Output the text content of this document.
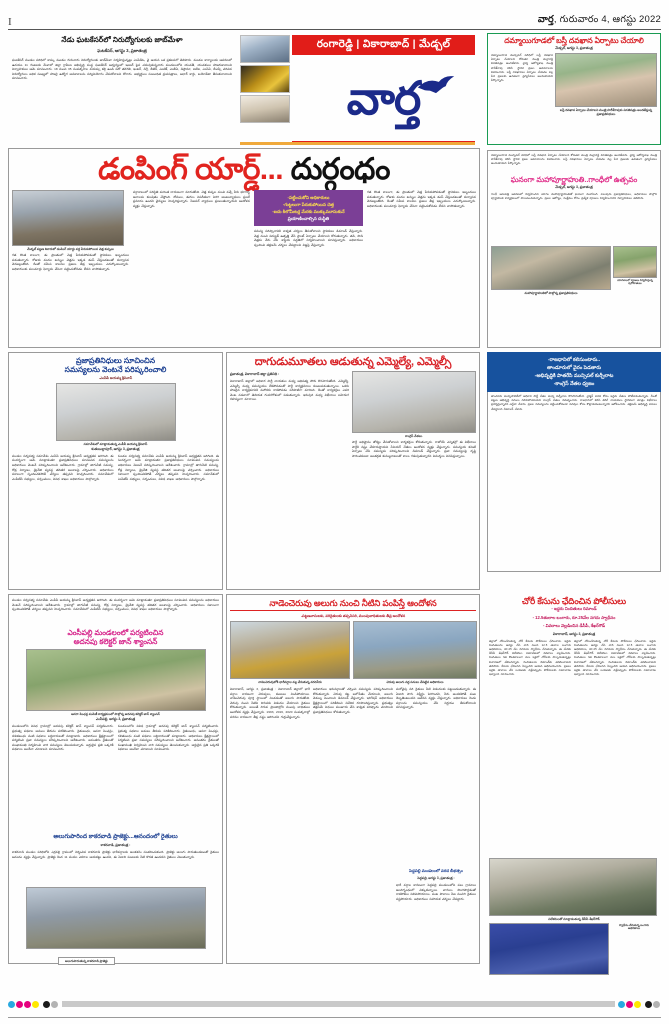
I	వార్త, గురువారం 4, ఆగస్టు 2022
నేడు ఘటకేసర్‌లో నిరుద్యోగులకు జాబ్‌మేళా
ఘటకేసర్, ఆగస్టు 3, ప్రజాతంత్ర
ఘటకేసర్ మండల పరిధిలో కాస్కు మండల గురువారు నిరుద్యోగులకు జాబ్‌మేళా నిర్వహిస్తున్నట్లు ఎంపీడీఓ, వై ఆయన ఒక ప్రకటనలో తెలిపారు. మండల కార్యాలయ ఆవరణలో ఉదయం 11 గంటలకు మేళాలో జిల్లా గ్రామీణ అభివృద్ధి సంస్థ ఘటకేసర్ ఆధ్వర్యంలో ఇంటర్ పైన చదువుకున్నవారు మండలంలోని యువతీ, యువకులు హాజరుకావాలని నిర్వాహకులు ఆమె సూచించారు. 18 నుంచి 35 సంవత్సరాల వయస్సు కల్గి ఉండి పదో తరగతి, ఇంటర్, డిగ్రీ, బీటెక్, ఎంటెక్, ఎంబీఏ, డిప్లొమా, ఐటీఐ, ఎంసీఏ, బీఎస్సీ చదివిన నిరుద్యోగులు అధిక సంఖ్యలో హాజరై ఉద్యోగ అవకాశాలను సద్వినియోగం చేసుకోవాలని కోరారు. అభ్యర్థులు సంబంధిత ధ్రువపత్రాలు, ఆధార్ కార్డు, బయోడేటా తీసుకురావాలని సూచించారు.
రంగారెడ్డి | వికారాబాద్ | మేడ్చల్
వార్త
దమ్మాయిగూడలో బస్తీ దవఖాన ఏర్పాటు చేయాలి
మేడ్చల్, ఆగస్టు 3, ప్రజాతంత్ర
దమ్మాయిగూడ మున్సిపల్ పరిధిలో బస్తీ దవఖాన ఏర్పాటు చేయాలని కోరుతూ మంత్రి మల్లారెడ్డి వినతిపత్రం అందజేశారు. వైద్య ఆరోగ్యశాఖ మంత్రి హరీశ్‌రావు కలిసి స్థానిక ప్రజల అవసరాలను వివరించారు. బస్తీ దవఖానలు ఏర్పాటు చేయడం వల్ల పేద ప్రజలకు ఉచితంగా వైద్యసేవలు అందుతాయని పేర్కొన్నారు.
బస్తీ దవఖాన ఏర్పాటు చేయాలని మంత్రి హరీశ్‌రావుకు వినతిపత్రం అందజేస్తున్న ప్రజాప్రతినిధులు
డంపింగ్ యార్డ్... దుర్గంధం
మేడ్చల్ పట్టణ శివారులో డంపింగ్ యార్డు వద్ద పేరుకుపోయిన చెత్త కుప్పలు
గత కొంత కాలంగా, ఈ ప్రాంతంలో చెత్త పేరుకుపోవడంతో స్థానికులు ఇబ్బందులు పడుతున్నారు. రోజుకు వందల టన్నుల చెత్తను ఇక్కడ డంప్ చేస్తుండటంతో దుర్వాసన వెదజల్లుతోంది. దీంతో సమీప కాలనీల ప్రజలు తీవ్ర ఇబ్బందులు ఎదుర్కొంటున్నారు. అధికారులకు పలుమార్లు ఫిర్యాదు చేసినా పట్టించుకోవడం లేదని వాపోతున్నారు.
వర్షాకాలంలో పరిస్థితి మరింత దారుణంగా మారుతోంది. చెత్త కుప్పల నుంచి వచ్చే నీరు భూగర్భ జలాలను కలుషితం చేస్తోంది. దోమలు, ఈగలు విపరీతంగా పెరిగి అంటువ్యాధులు ప్రబలే ప్రమాదం ఉందని వైద్యులు హెచ్చరిస్తున్నారు. సీజనల్ వ్యాధులు ప్రబలుతున్నాయని ఆందోళన వ్యక్తం చేస్తున్నారు.
-పట్టించుకోని అధికారులు
-గుట్టలుగా పేరుకుపోయిన చెత్త
-ఐదు కిలోమీటర్ల మేరకు ముక్కుమూసుకునే
ప్రయాణించాల్సిన దుస్థితి
సమస్య పరిష్కారానికి శాశ్వత చర్యలు తీసుకోవాలని స్థానికులు డిమాండ్ చేస్తున్నారు. చెత్త నుంచి విద్యుత్ ఉత్పత్తి చేసే ప్లాంట్ ఏర్పాటు చేయాలని కోరుతున్నారు. తడి, పొడి చెత్తను వేరు చేసి శాస్త్రీయ పద్ధతిలో నిర్వహించాలని సూచిస్తున్నారు. అధికారులు స్పందించి తక్షణమే చర్యలు చేపట్టాలని విజ్ఞప్తి చేస్తున్నారు.
గత కొంత కాలంగా, ఈ ప్రాంతంలో చెత్త పేరుకుపోవడంతో స్థానికులు ఇబ్బందులు పడుతున్నారు. రోజుకు వందల టన్నుల చెత్తను ఇక్కడ డంప్ చేస్తుండటంతో దుర్వాసన వెదజల్లుతోంది. దీంతో సమీప కాలనీల ప్రజలు తీవ్ర ఇబ్బందులు ఎదుర్కొంటున్నారు. అధికారులకు పలుమార్లు ఫిర్యాదు చేసినా పట్టించుకోవడం లేదని వాపోతున్నారు.
దమ్మాయిగూడ మున్సిపల్ పరిధిలో బస్తీ దవఖాన ఏర్పాటు చేయాలని కోరుతూ మంత్రి మల్లారెడ్డి వినతిపత్రం అందజేశారు. వైద్య ఆరోగ్యశాఖ మంత్రి హరీశ్‌రావు కలిసి స్థానిక ప్రజల అవసరాలను వివరించారు. బస్తీ దవఖానలు ఏర్పాటు చేయడం వల్ల పేద ప్రజలకు ఉచితంగా వైద్యసేవలు అందుతాయని పేర్కొన్నారు.
ఘనంగా మహాపూర్ణాహుతి..గాంధీలో ఉత్సవం
మేడ్చల్, ఆగస్టు 3, ప్రజాతంత్ర
గాంధీ ఆసుపత్రి ఆవరణలో నిర్వహించిన యాగం మహాపూర్ణాహుతితో ఘనంగా ముగిసింది. పలువురు ప్రజాప్రతినిధులు, అధికారులు పాల్గొని పూర్ణాహుతి కార్యక్రమంలో పాలుపంచుకున్నారు. ప్రజల ఆరోగ్యం, సంక్షేమం కోసం ప్రత్యేక పూజలు నిర్వహించారని నిర్వాహకులు తెలిపారు.
మహాపూర్ణాహుతిలో పాల్గొన్న ప్రజాప్రతినిధులు
యాగశాలలో పూజలు నిర్వహిస్తున్న పురోహితులు
ప్రజాప్రతినిధులు సూచించిన
సమస్యలను వెంటనే పరిష్కరించాలి
-ఎంపీపీ జయమ్మ శ్రీనివాస్
సమావేశంలో మాట్లాడుతున్న ఎంపీపీ జయమ్మ శ్రీనివాస్
కుతుబుల్లాపూర్, ఆగస్టు 3, ప్రజాతంత్ర
మండల సర్వసభ్య సమావేశం ఎంపీపీ జయమ్మ శ్రీనివాస్ అధ్యక్షతన జరిగింది. ఈ సందర్భంగా ఆమె మాట్లాడుతూ ప్రజాప్రతినిధులు సూచించిన సమస్యలను అధికారులు వెంటనే పరిష్కరించాలని ఆదేశించారు. గ్రామాల్లో తాగునీటి సమస్య, రోడ్ల నిర్మాణం, డ్రైనేజీ వ్యవస్థ తదితర అంశాలపై చర్చించారు. అధికారులు సకాలంగా స్పందించకపోతే చర్యలు తప్పవని హెచ్చరించారు. సమావేశంలో ఎంపీటీసీ సభ్యులు, సర్పంచులు, వివిధ శాఖల అధికారులు పాల్గొన్నారు.
మండల సర్వసభ్య సమావేశం ఎంపీపీ జయమ్మ శ్రీనివాస్ అధ్యక్షతన జరిగింది. ఈ సందర్భంగా ఆమె మాట్లాడుతూ ప్రజాప్రతినిధులు సూచించిన సమస్యలను అధికారులు వెంటనే పరిష్కరించాలని ఆదేశించారు. గ్రామాల్లో తాగునీటి సమస్య, రోడ్ల నిర్మాణం, డ్రైనేజీ వ్యవస్థ తదితర అంశాలపై చర్చించారు. అధికారులు సకాలంగా స్పందించకపోతే చర్యలు తప్పవని హెచ్చరించారు. సమావేశంలో ఎంపీటీసీ సభ్యులు, సర్పంచులు, వివిధ శాఖల అధికారులు పాల్గొన్నారు.
దాగుడుమూతలు ఆడుతున్న ఎమ్మెల్యే, ఎమ్మెల్సీ
ప్రజాతంత్ర, వికారాబాద్ జిల్లా ప్రతినిధి :
వికారాబాద్ జిల్లాలో అధికార పార్టీ నాయకుల మధ్య ఆధిపత్య పోరు కొనసాగుతోంది. ఎమ్మెల్యే, ఎమ్మెల్సీ మధ్య సమన్వయం లేకపోవడంతో పార్టీ కార్యక్రమాలు కుంటుపడుతున్నాయి. ఒకరు హాజరైన కార్యక్రమానికి మరొకరు రాకపోవడం పరిపాటిగా మారింది. దీంతో కార్యకర్తలు ఎవరి వెంట నడవాలో తెలియక గందరగోళంలో పడుతున్నారు. ఇరువురి మధ్య విభేదాలు బహిరంగ రహస్యంగా మారాయి.
కాంగ్రెస్ నేతలు.
పార్టీ అధిష్టానం జోక్యం చేసుకోవాలని కార్యకర్తలు కోరుతున్నారు. రాబోయే ఎన్నికల్లో ఈ విభేదాలు పార్టీకి నష్టం చేకూరుస్తాయని సీనియర్ నేతలు ఆందోళన వ్యక్తం చేస్తున్నారు. సమన్వయ కమిటీ ఏర్పాటు చేసి సమస్యను పరిష్కరించాలని డిమాండ్ చేస్తున్నారు. ప్రజా సమస్యలపై దృష్టి సారించకుండా అంతర్గత కుమ్ములాటలతో కాలం గడుపుతున్నారని విమర్శలు వినిపిస్తున్నాయి.
-రాజధానిలో కలిసుంటారు..
తాండూరులో వైరం పెడతారు
-అభివృద్ధికి పాతరేసి మున్సిపల్ కుర్చీలాట
-కాంగ్రెస్ నేతల ధ్వజం
తాండూరు మున్సిపాలిటీలో అధికార పార్టీ నేతల మధ్య కుర్చీలాట కొనసాగుతోంది. చైర్మన్ పదవి కోసం ఇద్దరు నేతలు పోటీపడుతున్నారు. దీంతో పట్టణ అభివృద్ధి పనులు నిలిచిపోయాయని కాంగ్రెస్ నేతలు విమర్శించారు. రాజధానిలో కలిసి తిరిగే నాయకులు స్థానికంగా మాత్రం విభేదాలు ప్రదర్శిస్తున్నారని ఎద్దేవా చేశారు. ప్రజల సమస్యలను పట్టించుకోకుండా పదవుల కోసం కొట్లాడుకుంటున్నారని ఆరోపించారు. తక్షణమే అభివృద్ధి పనులు చేపట్టాలని డిమాండ్ చేశారు.
మండల సర్వసభ్య సమావేశం ఎంపీపీ జయమ్మ శ్రీనివాస్ అధ్యక్షతన జరిగింది. ఈ సందర్భంగా ఆమె మాట్లాడుతూ ప్రజాప్రతినిధులు సూచించిన సమస్యలను అధికారులు వెంటనే పరిష్కరించాలని ఆదేశించారు. గ్రామాల్లో తాగునీటి సమస్య, రోడ్ల నిర్మాణం, డ్రైనేజీ వ్యవస్థ తదితర అంశాలపై చర్చించారు. అధికారులు సకాలంగా స్పందించకపోతే చర్యలు తప్పవని హెచ్చరించారు. సమావేశంలో ఎంపీటీసీ సభ్యులు, సర్పంచులు, వివిధ శాఖల అధికారులు పాల్గొన్నారు.
ఎంసీపల్లి మండలంలో పర్యటించిన
అదనపు కలెక్టర్ జాన్ శ్యాంసన్
ఆసరా పింఛన్ల పంపిణీ కార్యక్రమంలో పాల్గొన్న అదనపు కలెక్టర్ జాన్ శ్యాంసన్
ఎంసీపల్లి, ఆగస్టు 3, ప్రజాతంత్ర
మండలంలోని వివిధ గ్రామాల్లో అదనపు కలెక్టర్ జాన్ శ్యాంసన్ పర్యటించారు. ప్రభుత్వ పథకాల అమలు తీరును పరిశీలించారు. రైతుబంధు, ఆసరా పింఛన్లు, దళితబంధు వంటి పథకాల లబ్ధిదారులతో మాట్లాడారు. అధికారులు క్షేత్రస్థాయిలో పర్యటించి ప్రజా సమస్యలు పరిష్కరించాలని ఆదేశించారు. అనంతరం రైతులతో ముఖాముఖి నిర్వహించి వారి సమస్యలు తెలుసుకున్నారు. అర్హులైన ప్రతి ఒక్కరికీ పథకాలు అందేలా చూడాలని సూచించారు.
మండలంలోని వివిధ గ్రామాల్లో అదనపు కలెక్టర్ జాన్ శ్యాంసన్ పర్యటించారు. ప్రభుత్వ పథకాల అమలు తీరును పరిశీలించారు. రైతుబంధు, ఆసరా పింఛన్లు, దళితబంధు వంటి పథకాల లబ్ధిదారులతో మాట్లాడారు. అధికారులు క్షేత్రస్థాయిలో పర్యటించి ప్రజా సమస్యలు పరిష్కరించాలని ఆదేశించారు. అనంతరం రైతులతో ముఖాముఖి నిర్వహించి వారి సమస్యలు తెలుసుకున్నారు. అర్హులైన ప్రతి ఒక్కరికీ పథకాలు అందేలా చూడాలని సూచించారు.
అలుగుపారింద కాకరవాడి ప్రాజెక్టు...ఆనందంలో రైతులు
కాకరవాడి, ప్రజాతంత్ర :
కాకరవాడి మండల పరిధిలోని ఎర్రవల్లి గ్రామంలో నిర్మించిన కాకరవాడి ప్రాజెక్టు భారీవర్షాలకు జలకళను సంతరించుకుంది. ప్రాజెక్టు అలుగు పారుతుండటంతో రైతులు ఆనందం వ్యక్తం చేస్తున్నారు. ప్రాజెక్టు కింద 11 వందల ఎకరాల ఆయకట్టు ఉందని, ఈ ఏడాది పంటలకు నీటి కొరత ఉండదని రైతులు చెబుతున్నారు.
అలుగుపారుతున్న కాకరవాడి ప్రాజెక్టు
నాడెంచెరువు అలుగు నుంచి నీటిని పంపిస్తే ఆందోళన
-పట్టణవాసులకు, వరిరైతులకు తప్పనిసరి, ముంపుబాధితులకు తీవ్ర ఆందోళన
నాడెంచెరువులోకి భారీవర్షాల వల్ల చేరుతున్న వరదనీరు	చెరువు అలుగు వద్ద పనులు చేపట్టిన అధికారులు
వికారాబాద్, ఆగస్టు 3, ప్రజాతంత్ర : వికారాబాద్ జిల్లాలో భారీ వర్షాల కారణంగా చెరువులు, కుంటలు నిండిపోయాయి. నాడెంచెరువు పూర్తి స్థాయిలో నిండడంతో అలుగు పారుతోంది. చెరువు నుంచి నీటిని దిగువకు విడుదల చేయాలని రైతులు కోరుతున్నారు. అయితే దిగువ ప్రాంతాల్లోని ముంపు బాధితులు ఆందోళన వ్యక్తం చేస్తున్నారు. 1993, 2016, 2020 సంవత్సరాల్లో వరదల కారణంగా తీవ్ర నష్టం జరిగిందని గుర్తుచేస్తున్నారు.
అధికారులు ఇరువర్గాలతో చర్చించి సమస్యను పరిష్కరించాలని కోరుతున్నారు. చెరువు కట్ట బలోపేతం చేయాలని, అలుగు వెడల్పు పెంచాలని డిమాండ్ చేస్తున్నారు. ఇరిగేషన్ అధికారులు క్షేత్రస్థాయిలో పరిశీలించి నివేదిక రూపొందిస్తున్నారు. ప్రభుత్వం తక్షణమే నిధులు మంజూరు చేసి శాశ్వత పరిష్కారం చూపాలని ప్రజాప్రతినిధులు కోరుతున్నారు.
మరోవైపు వరి రైతులు నీటి విడుదలకు పట్టుబడుతున్నారు. ఈ ఏడాది సాగు విస్తీర్ణం పెరిగిందని, నీరు అందకపోతే పంట దెబ్బతింటుందని ఆవేదన వ్యక్తం చేస్తున్నారు. అధికారులు రెండు వర్గాలను సమన్వయం చేసి నిర్ణయం తీసుకోవాలని సూచిస్తున్నారు.
పెద్దపల్లి మండలంలో వరద బీభత్సం
పెద్దపల్లి, ఆగస్టు 3, ప్రజాతంత్ర :
భారీ వర్షాల కారణంగా పెద్దపల్లి మండలంలోని పలు గ్రామాలు జలదిగ్బంధంలో చిక్కుకున్నాయి. వాగులు పొంగిపొర్లడంతో రాకపోకలు నిలిచిపోయాయి. పంట పొలాలు నీట మునిగి రైతులు నష్టపోయారు. అధికారులు సహాయక చర్యలు చేపట్టారు.
చోరీ కేసును ఛేదించిన పోలీసులు
- ఇద్దరు నిందితులు రిమాండ్
- 12.5తులాల బంగారు, రూ.25వేల నగదు స్వాధీనం
- వివరాలు వెల్లడించిన డీసీపీ, శేఖర్‌గౌడ్
వికారాబాద్, ఆగస్టు 3, ప్రజాతంత్ర
జిల్లాలో చోటుచేసుకున్న చోరీ కేసును పోలీసులు ఛేదించారు. ఇద్దరు నిందితులను అరెస్టు చేసి వారి నుంచి 12.5 తులాల బంగారు ఆభరణాలు, రూ.25 వేల నగదును స్వాధీనం చేసుకున్నారు. ఈ మేరకు డీసీపీ శేఖర్‌గౌడ్ విలేకరుల సమావేశంలో వివరాలు వెల్లడించారు. నిందితులు గత కొంతకాలంగా పలు ఇళ్లలో చోరీలకు పాల్పడుతున్నట్లు విచారణలో తేలిందన్నారు. నిందితులను రిమాండ్‌కు తరలించామని తెలిపారు. కేసును ఛేదించిన సిబ్బందిని ఆయన అభినందించారు. ప్రజలు ఇళ్లకు తాళాలు వేసి బయటకు వెళ్లేటప్పుడు పోలీసులకు సమాచారం ఇవ్వాలని సూచించారు.
జిల్లాలో చోటుచేసుకున్న చోరీ కేసును పోలీసులు ఛేదించారు. ఇద్దరు నిందితులను అరెస్టు చేసి వారి నుంచి 12.5 తులాల బంగారు ఆభరణాలు, రూ.25 వేల నగదును స్వాధీనం చేసుకున్నారు. ఈ మేరకు డీసీపీ శేఖర్‌గౌడ్ విలేకరుల సమావేశంలో వివరాలు వెల్లడించారు. నిందితులు గత కొంతకాలంగా పలు ఇళ్లలో చోరీలకు పాల్పడుతున్నట్లు విచారణలో తేలిందన్నారు. నిందితులను రిమాండ్‌కు తరలించామని తెలిపారు. కేసును ఛేదించిన సిబ్బందిని ఆయన అభినందించారు. ప్రజలు ఇళ్లకు తాళాలు వేసి బయటకు వెళ్లేటప్పుడు పోలీసులకు సమాచారం ఇవ్వాలని సూచించారు.
విలేకరులతో మాట్లాడుతున్న డీసీపీ శేఖర్‌గౌడ్
స్వాధీనం చేసుకున్న బంగారు ఆభరణాలు
